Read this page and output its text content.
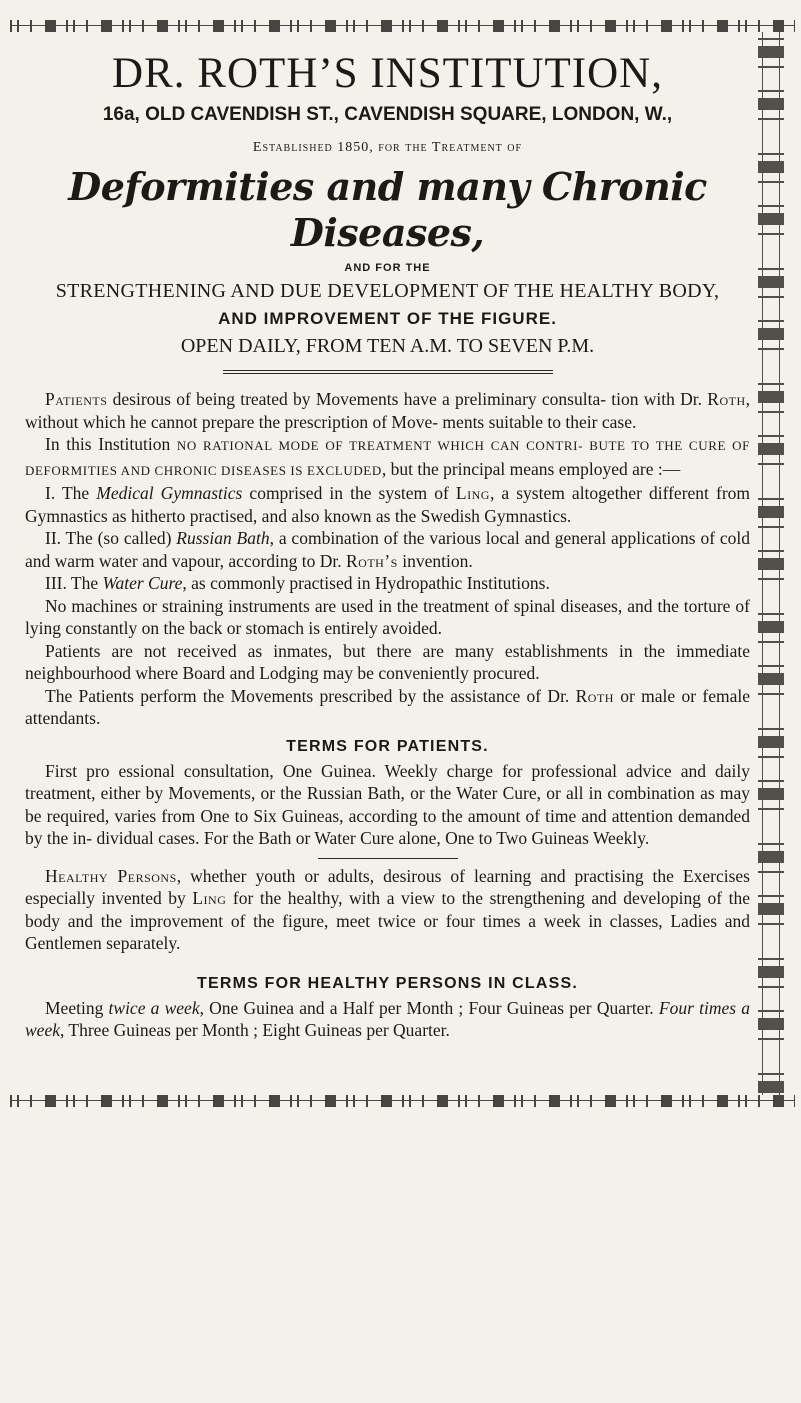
DR. ROTH’S INSTITUTION,
16a, OLD CAVENDISH ST., CAVENDISH SQUARE, LONDON, W.,
Established 1850, for the Treatment of
Deformities and many Chronic Diseases,
AND FOR THE
STRENGTHENING AND DUE DEVELOPMENT OF THE HEALTHY BODY,
AND IMPROVEMENT OF THE FIGURE.
OPEN DAILY, FROM TEN A.M. TO SEVEN P.M.

Patients desirous of being treated by Movements have a preliminary consulta- tion with Dr. Roth, without which he cannot prepare the prescription of Move- ments suitable to their case.

In this Institution NO RATIONAL MODE OF TREATMENT WHICH CAN CONTRI- BUTE TO THE CURE OF DEFORMITIES AND CHRONIC DISEASES IS EXCLUDED, but the principal means employed are :—

I. The Medical Gymnastics comprised in the system of Ling, a system altogether different from Gymnastics as hitherto practised, and also known as the Swedish Gymnastics.

II. The (so called) Russian Bath, a combination of the various local and general applications of cold and warm water and vapour, according to Dr. Roth’s invention.

III. The Water Cure, as commonly practised in Hydropathic Institutions.

No machines or straining instruments are used in the treatment of spinal diseases, and the torture of lying constantly on the back or stomach is entirely avoided.

Patients are not received as inmates, but there are many establishments in the immediate neighbourhood where Board and Lodging may be conveniently procured.

The Patients perform the Movements prescribed by the assistance of Dr. Roth or male or female attendants.

TERMS FOR PATIENTS.

First pro essional consultation, One Guinea. Weekly charge for professional advice and daily treatment, either by Movements, or the Russian Bath, or the Water Cure, or all in combination as may be required, varies from One to Six Guineas, according to the amount of time and attention demanded by the in- dividual cases. For the Bath or Water Cure alone, One to Two Guineas Weekly.

Healthy Persons, whether youth or adults, desirous of learning and practising the Exercises especially invented by Ling for the healthy, with a view to the strengthening and developing of the body and the improvement of the figure, meet twice or four times a week in classes, Ladies and Gentlemen separately.

TERMS FOR HEALTHY PERSONS IN CLASS.

Meeting twice a week, One Guinea and a Half per Month ; Four Guineas per Quarter. Four times a week, Three Guineas per Month ; Eight Guineas per Quarter.
